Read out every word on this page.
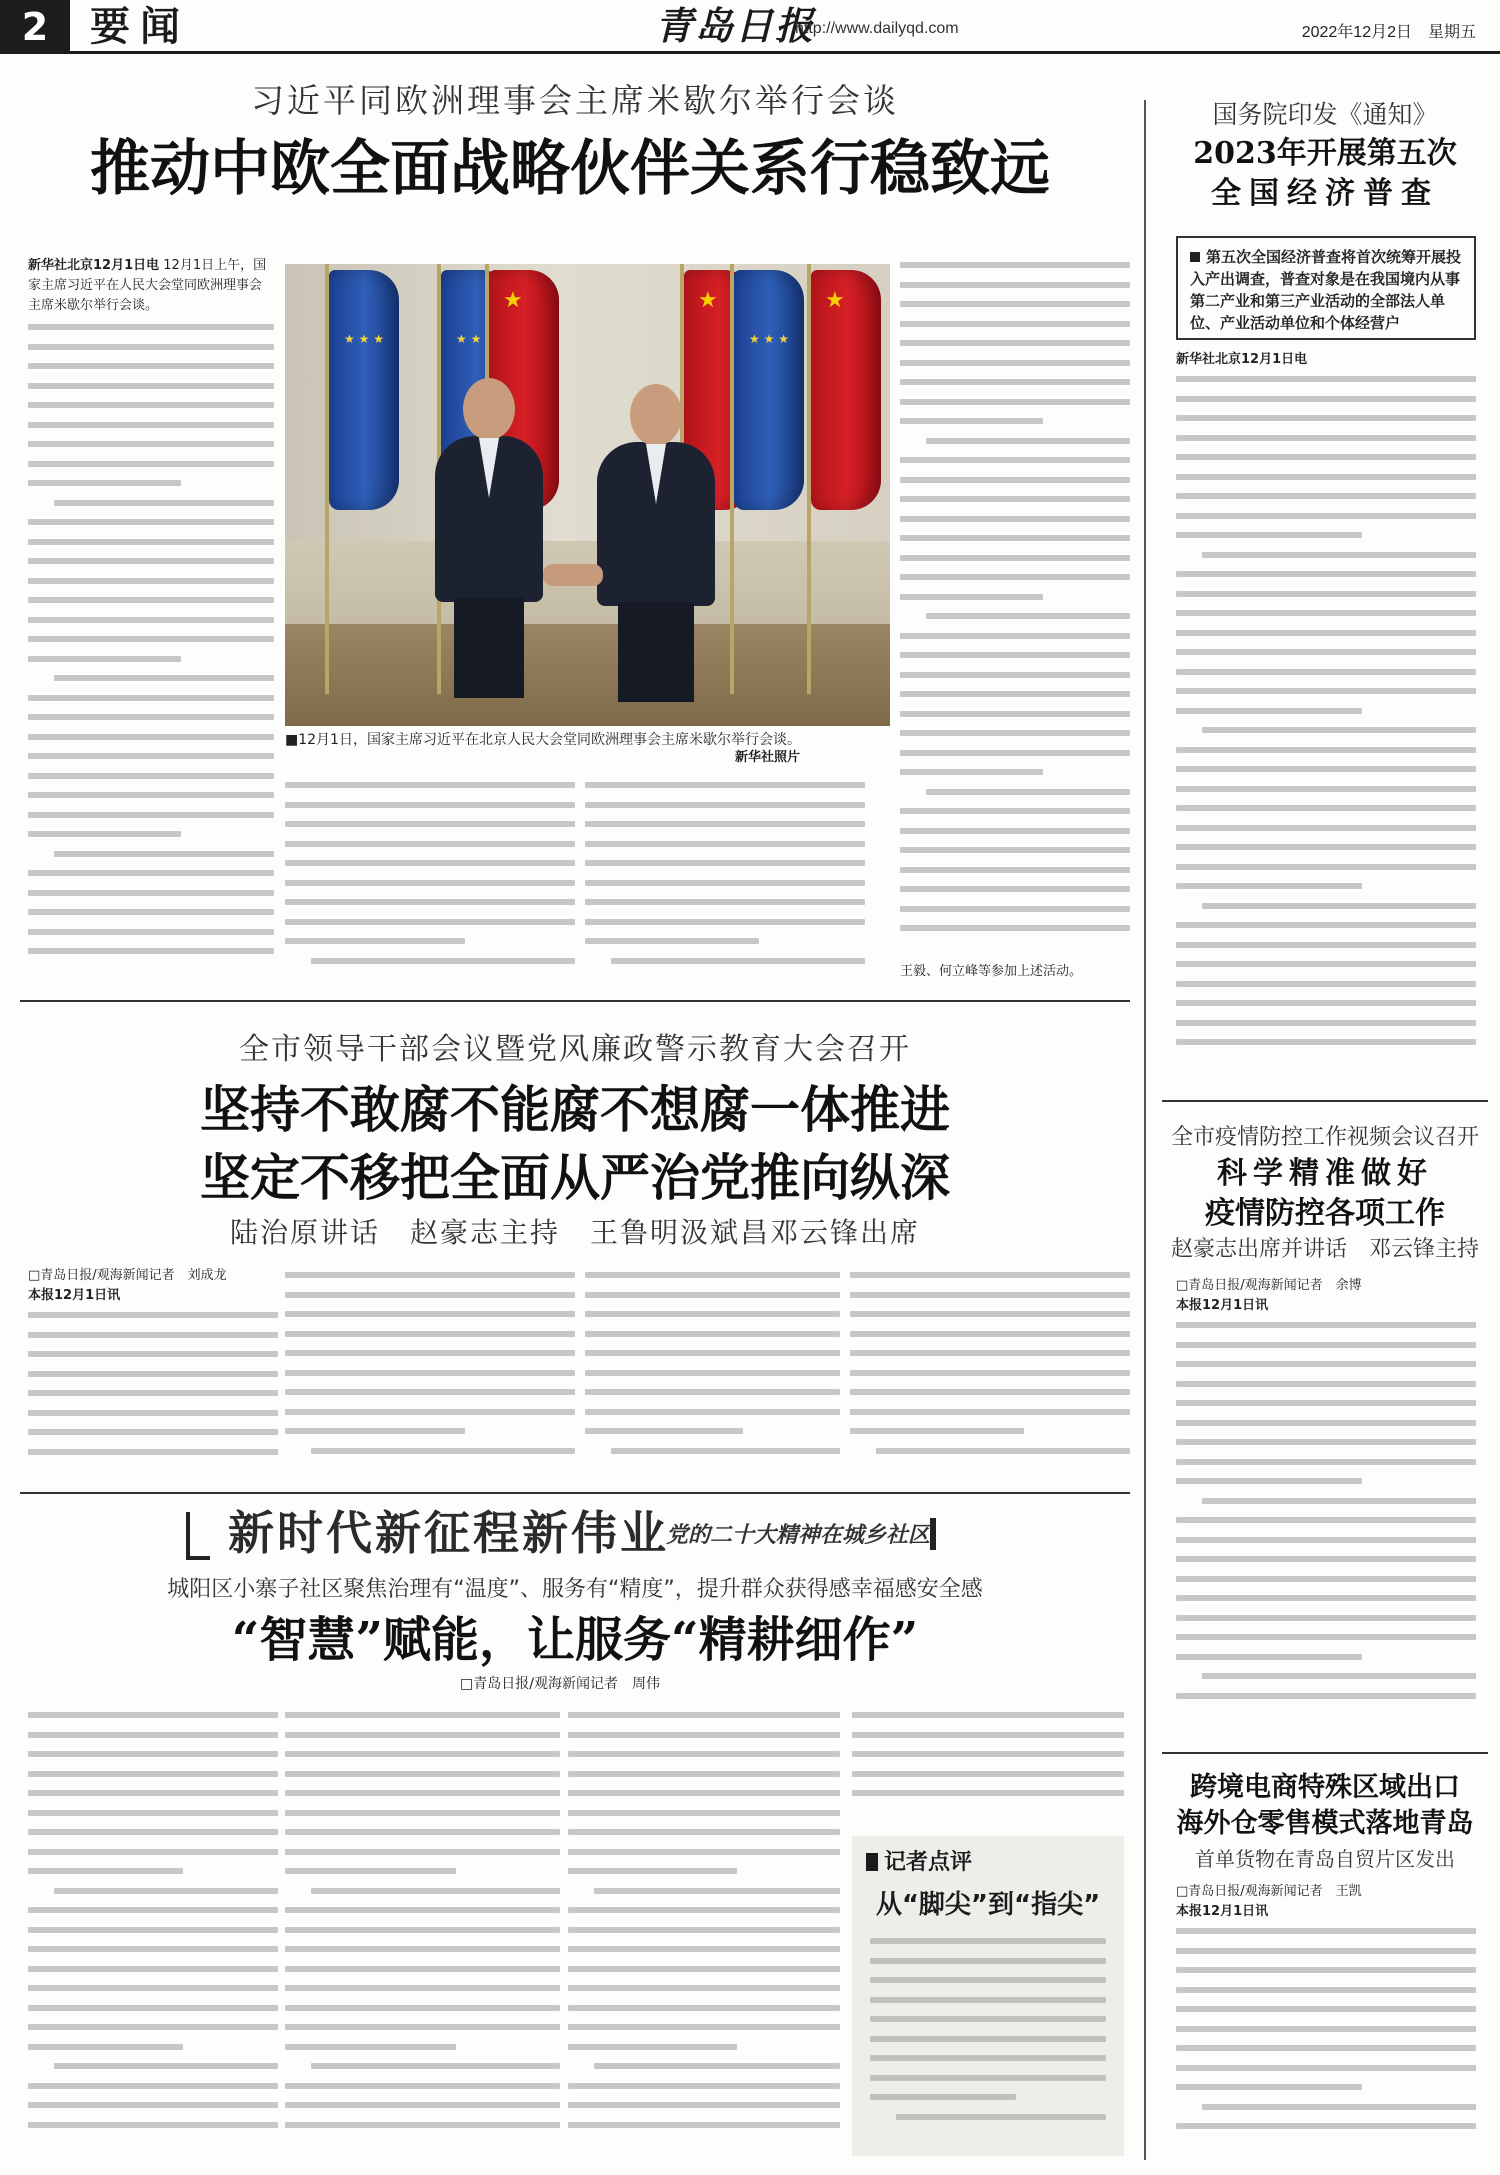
2	要闻	青岛日报
http://www.dailyqd.com	2022年12月2日　星期五
习近平同欧洲理事会主席米歇尔举行会谈
推动中欧全面战略伙伴关系行稳致远
新华社北京12月1日电 12月1日上午，国家主席习近平在人民大会堂同欧洲理事会主席米歇尔举行会谈。
★ ★ ★
★ ★ ★
★
★
★ ★ ★
★
■12月1日，国家主席习近平在北京人民大会堂同欧洲理事会主席米歇尔举行会谈。
新华社照片
王毅、何立峰等参加上述活动。
全市领导干部会议暨党风廉政警示教育大会召开
坚持不敢腐不能腐不想腐一体推进
坚定不移把全面从严治党推向纵深
陆治原讲话　赵豪志主持　王鲁明汲斌昌邓云锋出席
□青岛日报/观海新闻记者　刘成龙
本报12月1日讯
新时代新征程新伟业
党的二十大精神在城乡社区
城阳区小寨子社区聚焦治理有“温度”、服务有“精度”，提升群众获得感幸福感安全感
“智慧”赋能，让服务“精耕细作”
□青岛日报/观海新闻记者　周伟
记者点评
从“脚尖”到“指尖”
国务院印发《通知》
2023年开展第五次
全国经济普查
第五次全国经济普查将首次统筹开展投入产出调查，普查对象是在我国境内从事第二产业和第三产业活动的全部法人单位、产业活动单位和个体经营户
新华社北京12月1日电
全市疫情防控工作视频会议召开
科学精准做好
疫情防控各项工作
赵豪志出席并讲话　邓云锋主持
□青岛日报/观海新闻记者　余博
本报12月1日讯
跨境电商特殊区域出口
海外仓零售模式落地青岛
首单货物在青岛自贸片区发出
□青岛日报/观海新闻记者　王凯
本报12月1日讯
